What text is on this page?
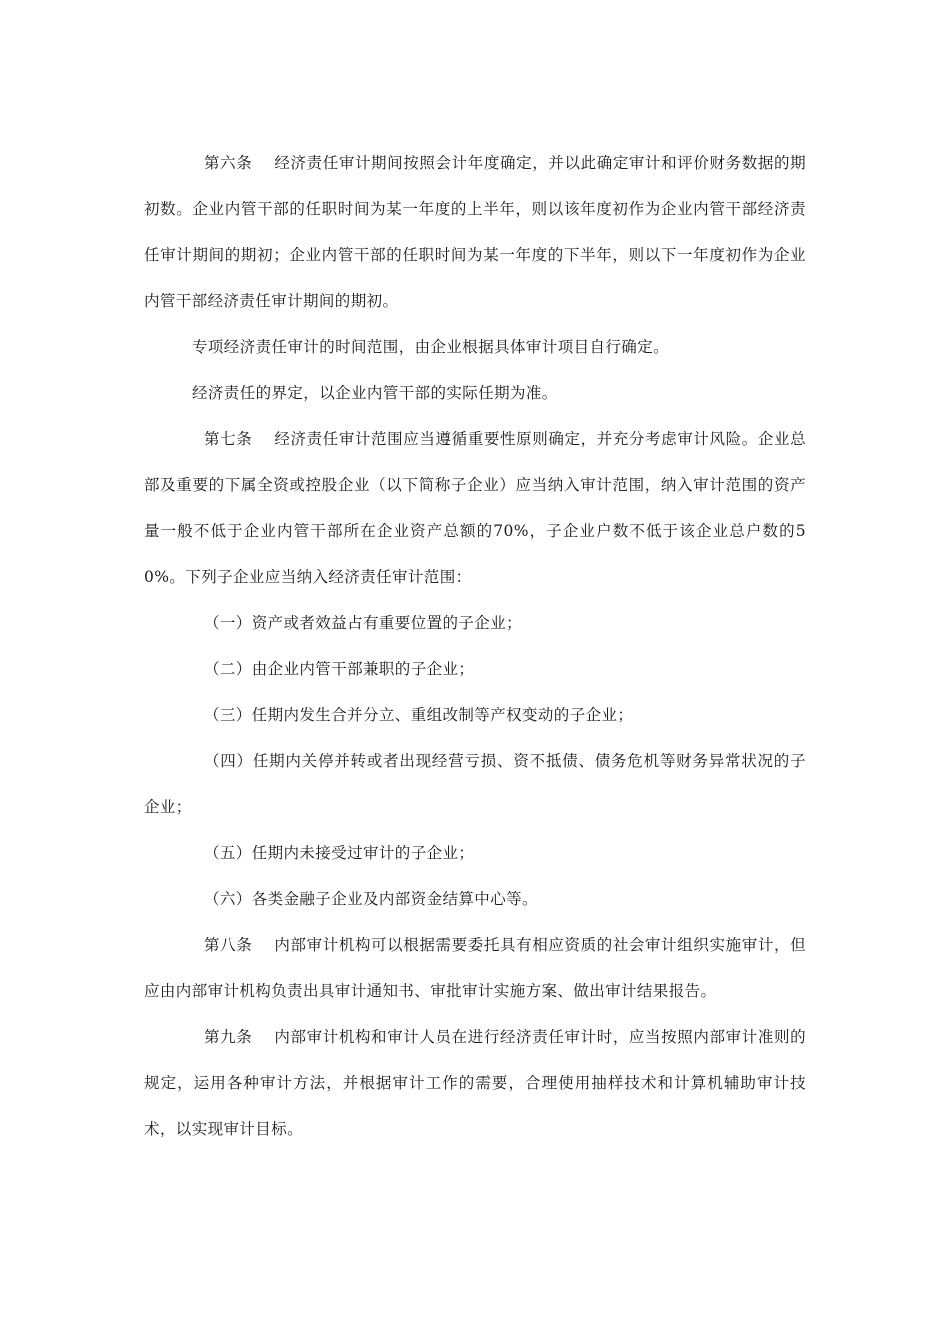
第六条 经济责任审计期间按照会计年度确定，并以此确定审计和评价财务数据的期初数。企业内管干部的任职时间为某一年度的上半年，则以该年度初作为企业内管干部经济责任审计期间的期初；企业内管干部的任职时间为某一年度的下半年，则以下一年度初作为企业内管干部经济责任审计期间的期初。

专项经济责任审计的时间范围，由企业根据具体审计项目自行确定。

经济责任的界定，以企业内管干部的实际任期为准。

第七条 经济责任审计范围应当遵循重要性原则确定，并充分考虑审计风险。企业总部及重要的下属全资或控股企业（以下简称子企业）应当纳入审计范围，纳入审计范围的资产量一般不低于企业内管干部所在企业资产总额的70%，子企业户数不低于该企业总户数的50%。下列子企业应当纳入经济责任审计范围：

（一）资产或者效益占有重要位置的子企业；

（二）由企业内管干部兼职的子企业；

（三）任期内发生合并分立、重组改制等产权变动的子企业；

（四）任期内关停并转或者出现经营亏损、资不抵债、债务危机等财务异常状况的子企业；

（五）任期内未接受过审计的子企业；

（六）各类金融子企业及内部资金结算中心等。

第八条 内部审计机构可以根据需要委托具有相应资质的社会审计组织实施审计，但应由内部审计机构负责出具审计通知书、审批审计实施方案、做出审计结果报告。

第九条 内部审计机构和审计人员在进行经济责任审计时，应当按照内部审计准则的规定，运用各种审计方法，并根据审计工作的需要，合理使用抽样技术和计算机辅助审计技术，以实现审计目标。
